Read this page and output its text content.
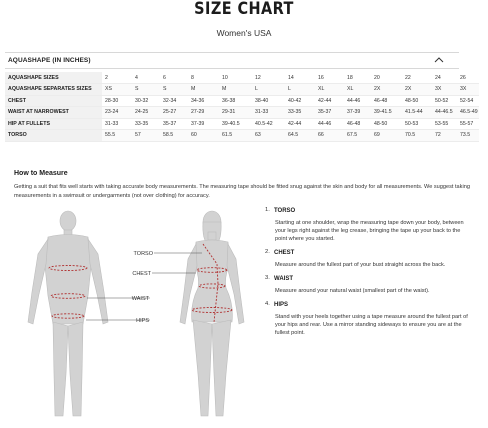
SIZE CHART
Women's USA
AQUASHAPE (IN INCHES)
AQUASHAPE SIZES	2	4	6	8	10	12	14	16	18	20	22	24	26
AQUASHAPE SEPARATES SIZES	XS	S	S	M	M	L	L	XL	XL	2X	2X	3X	3X
CHEST	28-30	30-32	32-34	34-36	36-38	38-40	40-42	42-44	44-46	46-48	48-50	50-52	52-54
WAIST AT NARROWEST	23-24	24-25	25-27	27-29	29-31	31-33	33-35	35-37	37-39	39-41.5	41.5-44	44-46.5	46.5-49
HIP AT FULLETS	31-33	33-35	35-37	37-39	39-40.5	40.5-42	42-44	44-46	46-48	48-50	50-53	53-55	55-57
TORSO	55.5	57	58.5	60	61.5	63	64.5	66	67.5	69	70.5	72	73.5
How to Measure
Getting a suit that fits well starts with taking accurate body measurements. The measuring tape should be fitted snug against the skin and body for all measurements. We suggest taking measurements in a swimsuit or undergarments (not over clothing) for accuracy.
TORSO
CHEST
WAIST
HIPS
1. TORSO
Starting at one shoulder, wrap the measuring tape down your body, between your legs right against the leg crease, bringing the tape up your back to the point where you started.
2. CHEST
Measure around the fullest part of your bust straight across the back.
3. WAIST
Measure around your natural waist (smallest part of the waist).
4. HIPS
Stand with your heels together using a tape measure around the fullest part of your hips and rear. Use a mirror standing sideways to ensure you are at the fullest point.
